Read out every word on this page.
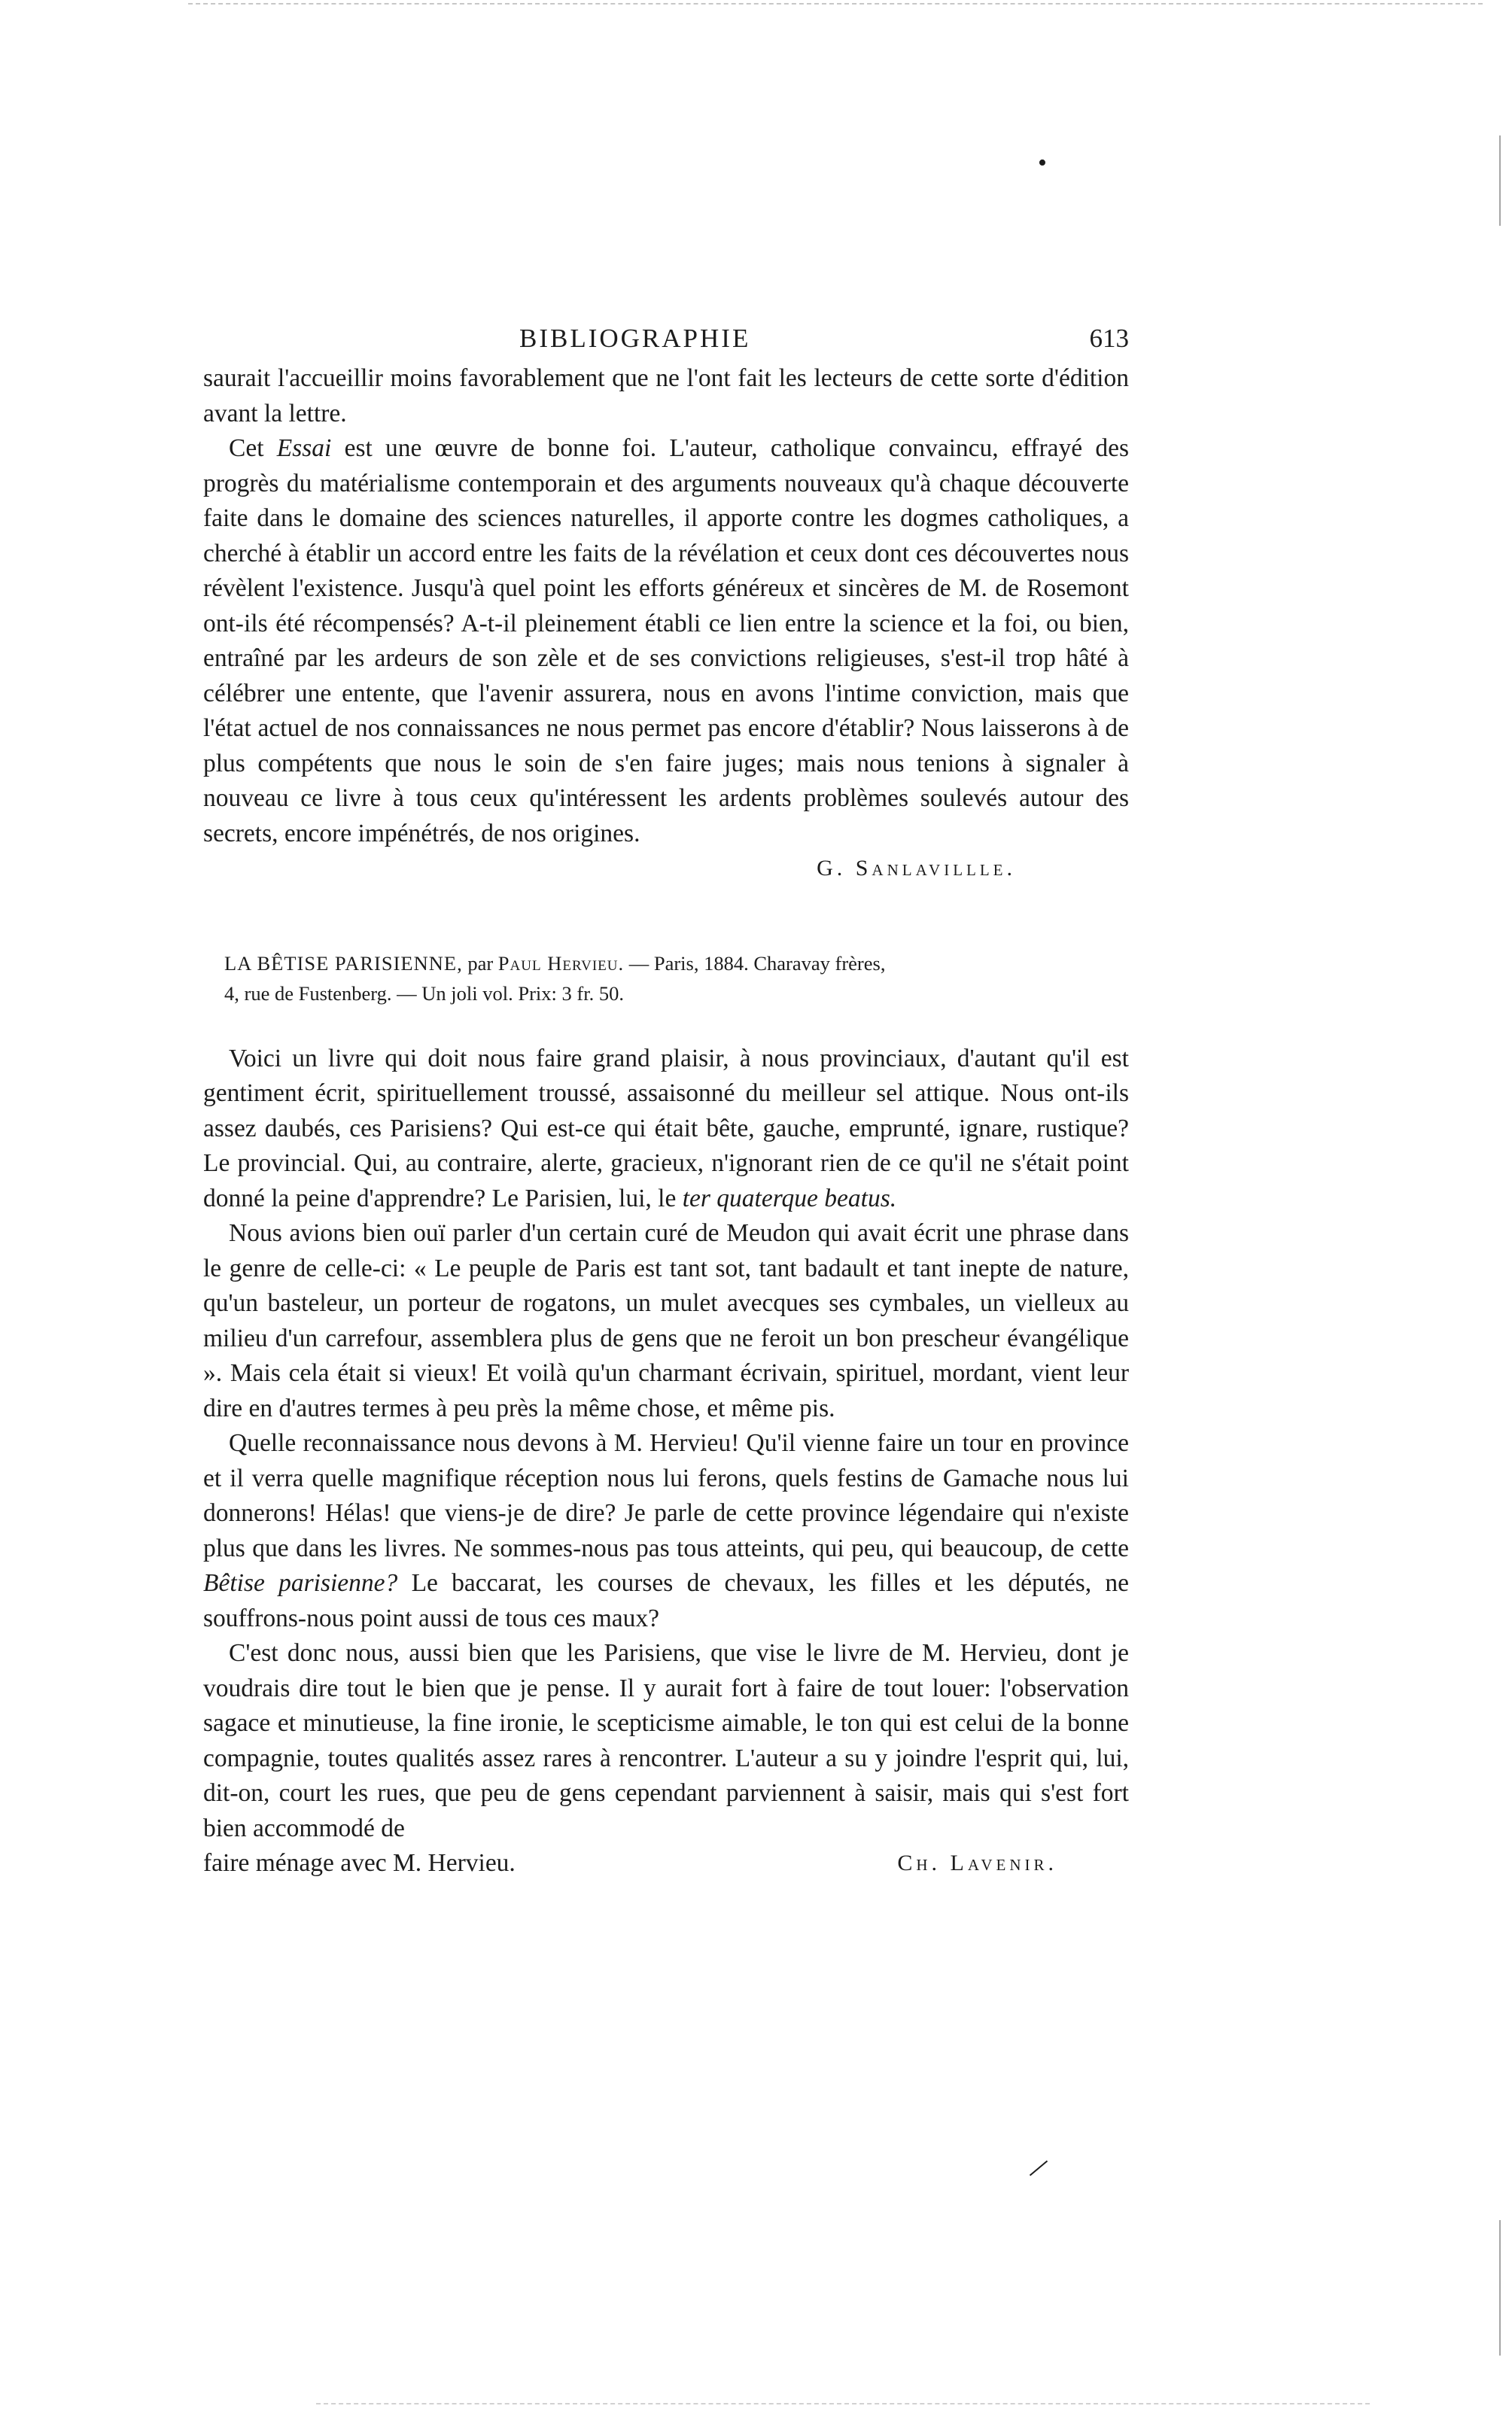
•
BIBLIOGRAPHIE	613

saurait l'accueillir moins favorablement que ne l'ont fait les lecteurs de cette sorte d'édition avant la lettre.

Cet Essai est une œuvre de bonne foi. L'auteur, catholique convaincu, effrayé des progrès du matérialisme contemporain et des arguments nouveaux qu'à chaque découverte faite dans le domaine des sciences naturelles, il apporte contre les dogmes catholiques, a cherché à établir un accord entre les faits de la révélation et ceux dont ces découvertes nous révèlent l'existence. Jusqu'à quel point les efforts généreux et sincères de M. de Rosemont ont-ils été récompensés? A-t-il pleinement établi ce lien entre la science et la foi, ou bien, entraîné par les ardeurs de son zèle et de ses convictions religieuses, s'est-il trop hâté à célébrer une entente, que l'avenir assurera, nous en avons l'intime conviction, mais que l'état actuel de nos connaissances ne nous permet pas encore d'établir? Nous laisserons à de plus compétents que nous le soin de s'en faire juges; mais nous tenions à signaler à nouveau ce livre à tous ceux qu'intéressent les ardents problèmes soulevés autour des secrets, encore impénétrés, de nos origines.

G. Sanlavillle.
LA BÊTISE PARISIENNE, par Paul Hervieu. — Paris, 1884. Charavay frères,
4, rue de Fustenberg. — Un joli vol. Prix: 3 fr. 50.

Voici un livre qui doit nous faire grand plaisir, à nous provinciaux, d'autant qu'il est gentiment écrit, spirituellement troussé, assaisonné du meilleur sel attique. Nous ont-ils assez daubés, ces Parisiens? Qui est-ce qui était bête, gauche, emprunté, ignare, rustique? Le provincial. Qui, au contraire, alerte, gracieux, n'ignorant rien de ce qu'il ne s'était point donné la peine d'apprendre? Le Parisien, lui, le ter quaterque beatus.

Nous avions bien ouï parler d'un certain curé de Meudon qui avait écrit une phrase dans le genre de celle-ci: « Le peuple de Paris est tant sot, tant badault et tant inepte de nature, qu'un basteleur, un porteur de rogatons, un mulet avecques ses cymbales, un vielleux au milieu d'un carrefour, assemblera plus de gens que ne feroit un bon prescheur évangélique ». Mais cela était si vieux! Et voilà qu'un charmant écrivain, spirituel, mordant, vient leur dire en d'autres termes à peu près la même chose, et même pis.

Quelle reconnaissance nous devons à M. Hervieu! Qu'il vienne faire un tour en province et il verra quelle magnifique réception nous lui ferons, quels festins de Gamache nous lui donnerons! Hélas! que viens-je de dire? Je parle de cette province légendaire qui n'existe plus que dans les livres. Ne sommes-nous pas tous atteints, qui peu, qui beaucoup, de cette Bêtise parisienne? Le baccarat, les courses de chevaux, les filles et les députés, ne souffrons-nous point aussi de tous ces maux?

C'est donc nous, aussi bien que les Parisiens, que vise le livre de M. Hervieu, dont je voudrais dire tout le bien que je pense. Il y aurait fort à faire de tout louer: l'observation sagace et minutieuse, la fine ironie, le scepticisme aimable, le ton qui est celui de la bonne compagnie, toutes qualités assez rares à rencontrer. L'auteur a su y joindre l'esprit qui, lui, dit-on, court les rues, que peu de gens cependant parviennent à saisir, mais qui s'est fort bien accommodé de

faire ménage avec M. Hervieu.	Ch. Lavenir.
